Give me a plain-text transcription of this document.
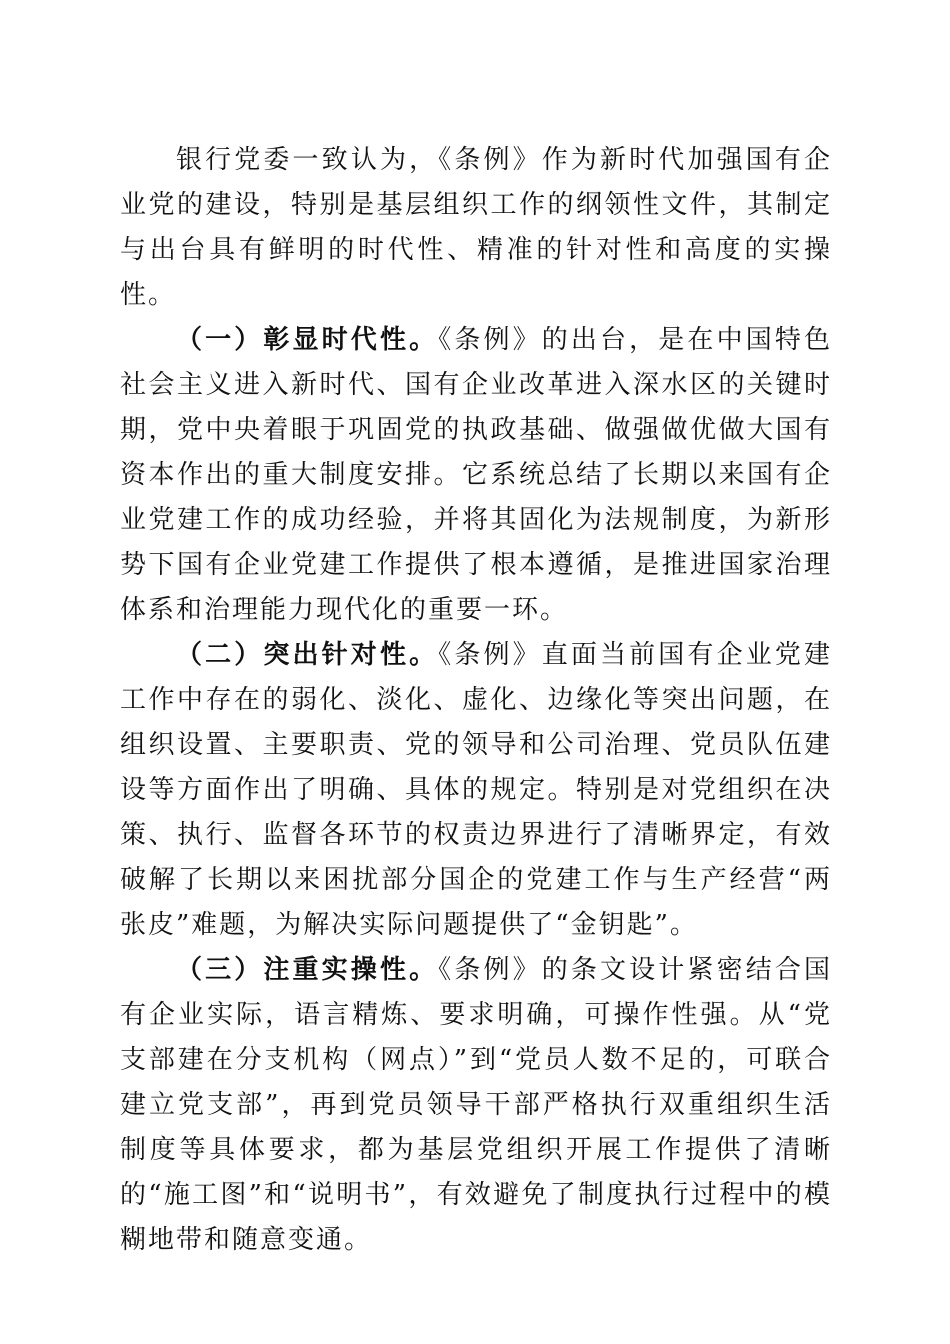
银行党委一致认为，《条例》作为新时代加强国有企业党的建设，特别是基层组织工作的纲领性文件，其制定与出台具有鲜明的时代性、精准的针对性和高度的实操性。

（一）彰显时代性。《条例》的出台，是在中国特色社会主义进入新时代、国有企业改革进入深水区的关键时期，党中央着眼于巩固党的执政基础、做强做优做大国有资本作出的重大制度安排。它系统总结了长期以来国有企业党建工作的成功经验，并将其固化为法规制度，为新形势下国有企业党建工作提供了根本遵循，是推进国家治理体系和治理能力现代化的重要一环。

（二）突出针对性。《条例》直面当前国有企业党建工作中存在的弱化、淡化、虚化、边缘化等突出问题，在组织设置、主要职责、党的领导和公司治理、党员队伍建设等方面作出了明确、具体的规定。特别是对党组织在决策、执行、监督各环节的权责边界进行了清晰界定，有效破解了长期以来困扰部分国企的党建工作与生产经营“两张皮”难题，为解决实际问题提供了“金钥匙”。

（三）注重实操性。《条例》的条文设计紧密结合国有企业实际，语言精炼、要求明确，可操作性强。从“党支部建在分支机构（网点）”到“党员人数不足的，可联合建立党支部”，再到党员领导干部严格执行双重组织生活制度等具体要求，都为基层党组织开展工作提供了清晰的“施工图”和“说明书”，有效避免了制度执行过程中的模糊地带和随意变通。
